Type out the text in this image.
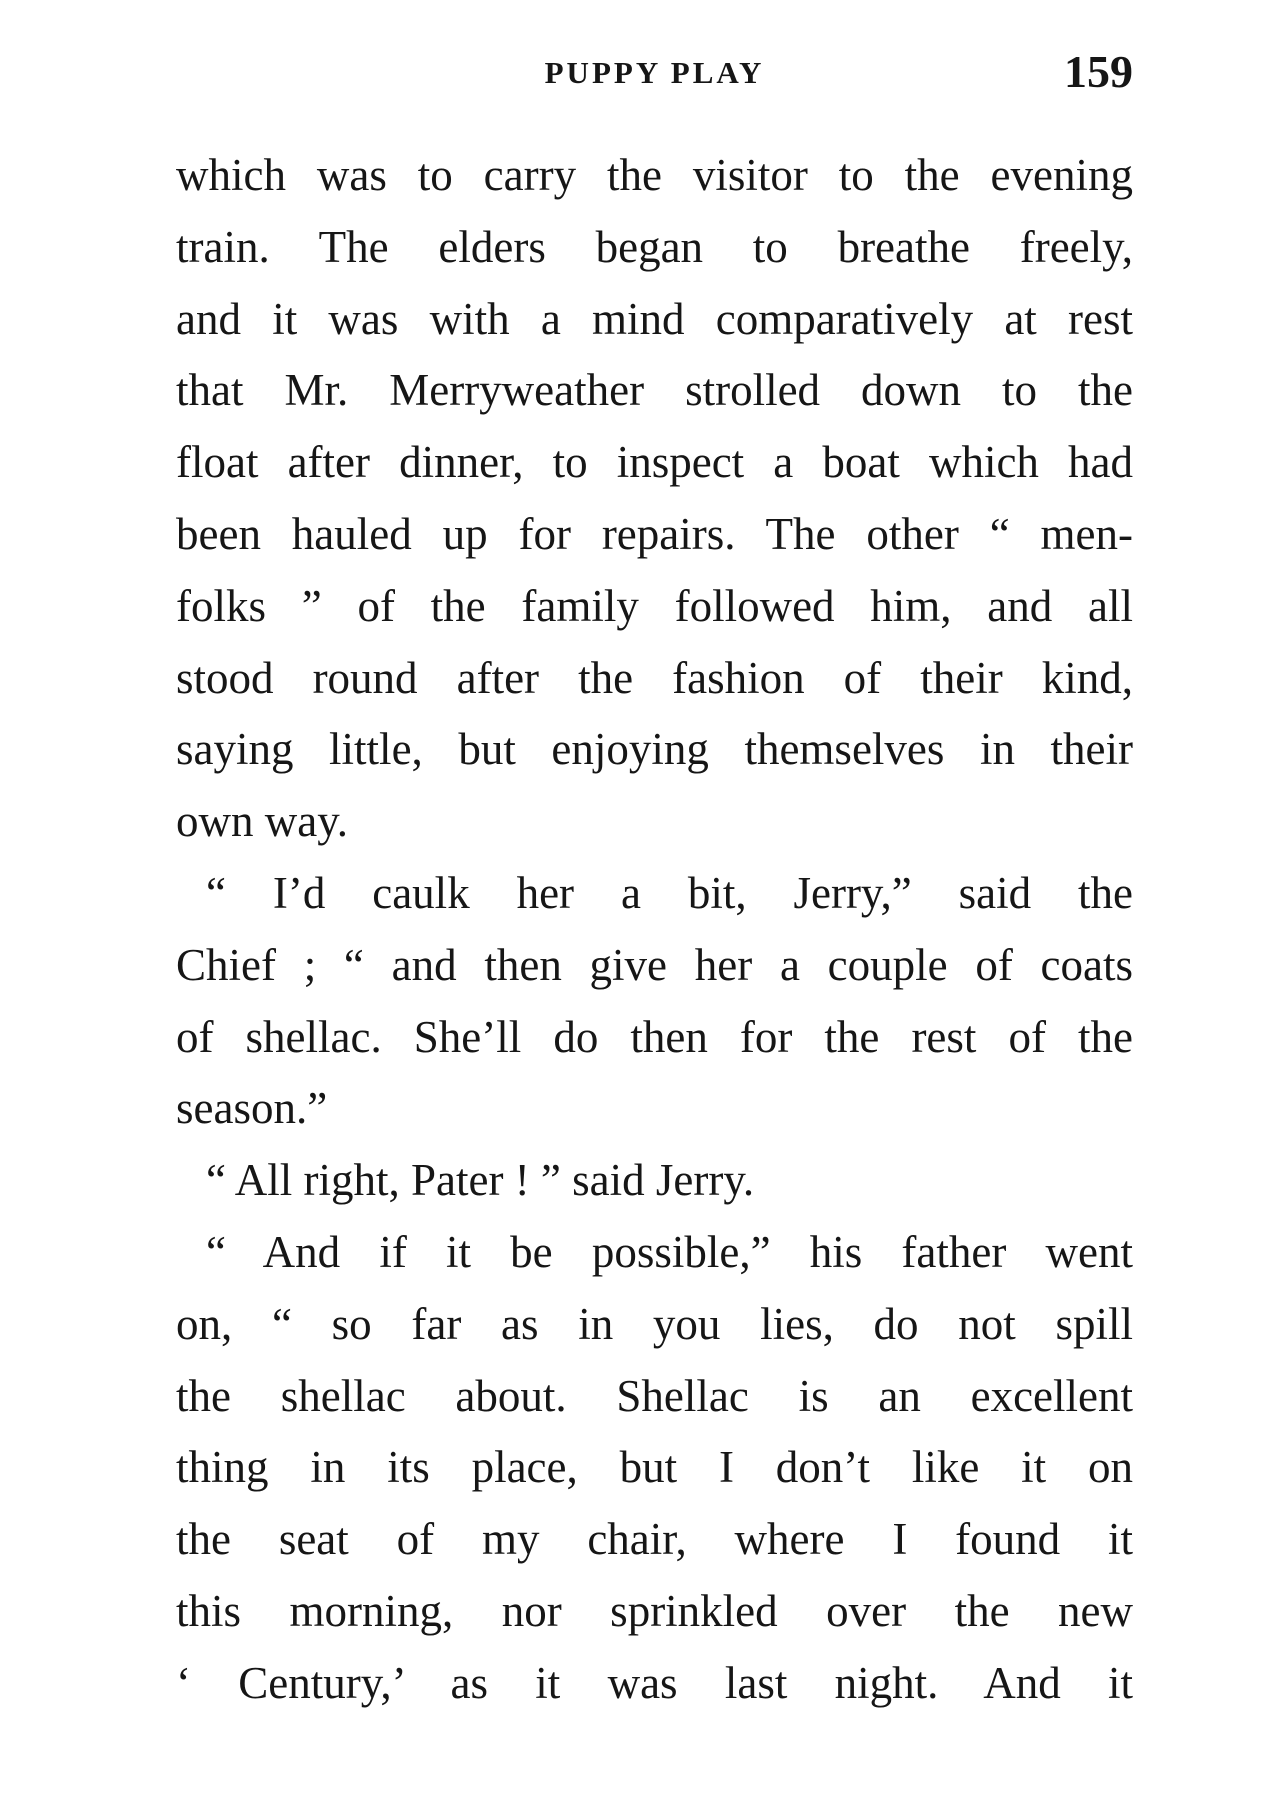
PUPPY PLAY	159
which was to carry the visitor to the evening
train. The elders began to breathe freely,
and it was with a mind comparatively at rest
that Mr. Merryweather strolled down to the
float after dinner, to inspect a boat which had
been hauled up for repairs. The other “ men-
folks ” of the family followed him, and all
stood round after the fashion of their kind,
saying little, but enjoying themselves in their
own way.
“ I’d caulk her a bit, Jerry,” said the
Chief ; “ and then give her a couple of coats
of shellac. She’ll do then for the rest of the
season.”
“ All right, Pater ! ” said Jerry.
“ And if it be possible,” his father went
on, “ so far as in you lies, do not spill
the shellac about. Shellac is an excellent
thing in its place, but I don’t like it on
the seat of my chair, where I found it
this morning, nor sprinkled over the new
‘ Century,’ as it was last night. And it
